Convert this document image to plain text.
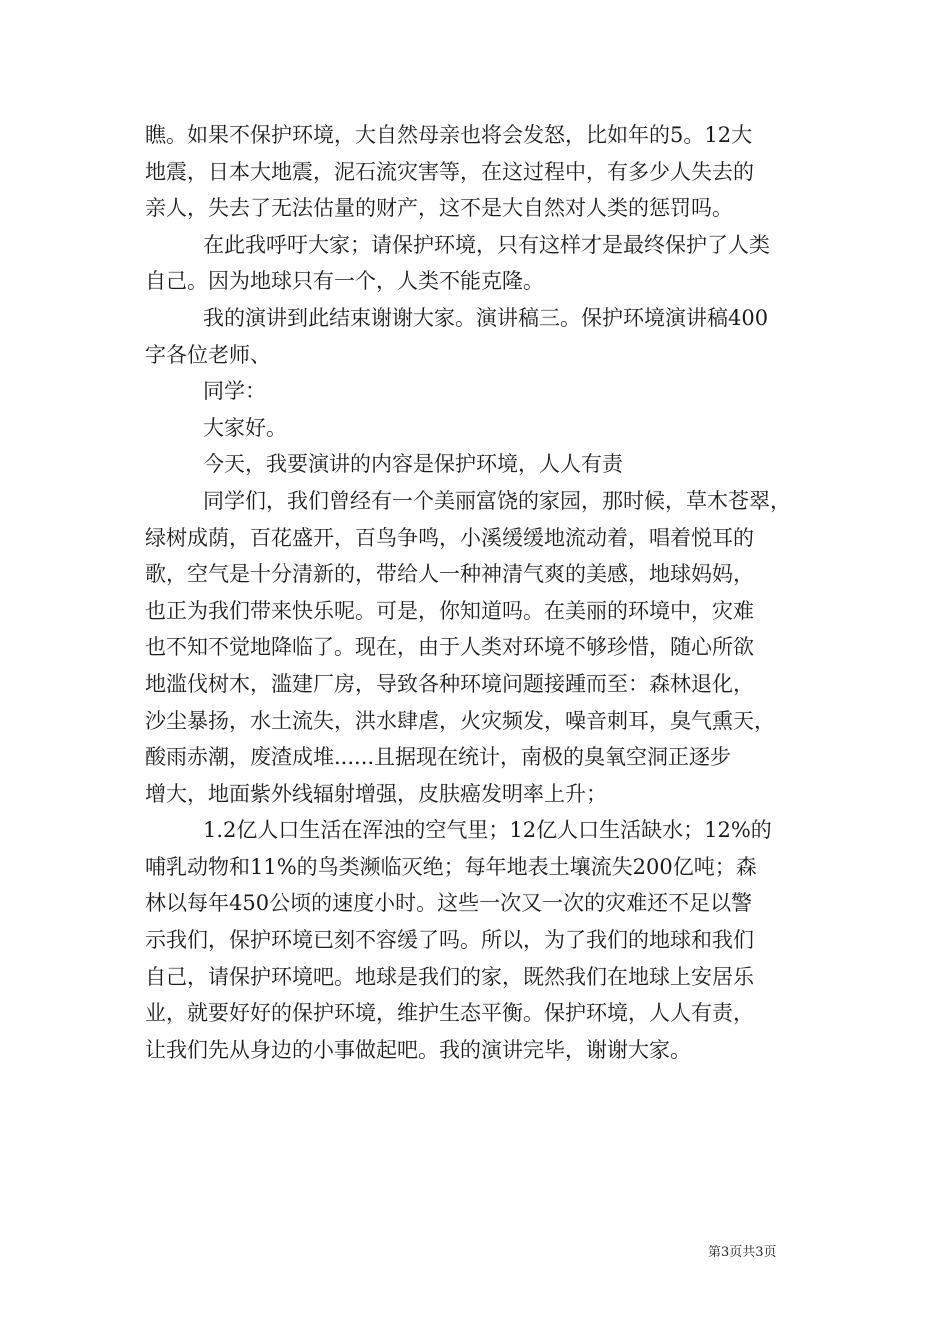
瞧。如果不保护环境，大自然母亲也将会发怒，比如年的5。12大
地震，日本大地震，泥石流灾害等，在这过程中，有多少人失去的
亲人，失去了无法估量的财产，这不是大自然对人类的惩罚吗。
在此我呼吁大家；请保护环境，只有这样才是最终保护了人类
自己。因为地球只有一个，人类不能克隆。
我的演讲到此结束谢谢大家。演讲稿三。保护环境演讲稿400
字各位老师、
同学：
大家好。
今天，我要演讲的内容是保护环境，人人有责
同学们，我们曾经有一个美丽富饶的家园，那时候，草木苍翠，
绿树成荫，百花盛开，百鸟争鸣，小溪缓缓地流动着，唱着悦耳的
歌，空气是十分清新的，带给人一种神清气爽的美感，地球妈妈，
也正为我们带来快乐呢。可是，你知道吗。在美丽的环境中，灾难
也不知不觉地降临了。现在，由于人类对环境不够珍惜，随心所欲
地滥伐树木，滥建厂房，导致各种环境问题接踵而至：森林退化，
沙尘暴扬，水土流失，洪水肆虐，火灾频发，噪音刺耳，臭气熏天，
酸雨赤潮，废渣成堆......且据现在统计，南极的臭氧空洞正逐步
增大，地面紫外线辐射增强，皮肤癌发明率上升；
1.2亿人口生活在浑浊的空气里；12亿人口生活缺水；12%的
哺乳动物和11%的鸟类濒临灭绝；每年地表土壤流失200亿吨；森
林以每年450公顷的速度小时。这些一次又一次的灾难还不足以警
示我们，保护环境已刻不容缓了吗。所以，为了我们的地球和我们
自己，请保护环境吧。地球是我们的家，既然我们在地球上安居乐
业，就要好好的保护环境，维护生态平衡。保护环境，人人有责，
让我们先从身边的小事做起吧。我的演讲完毕，谢谢大家。
第3页共3页
